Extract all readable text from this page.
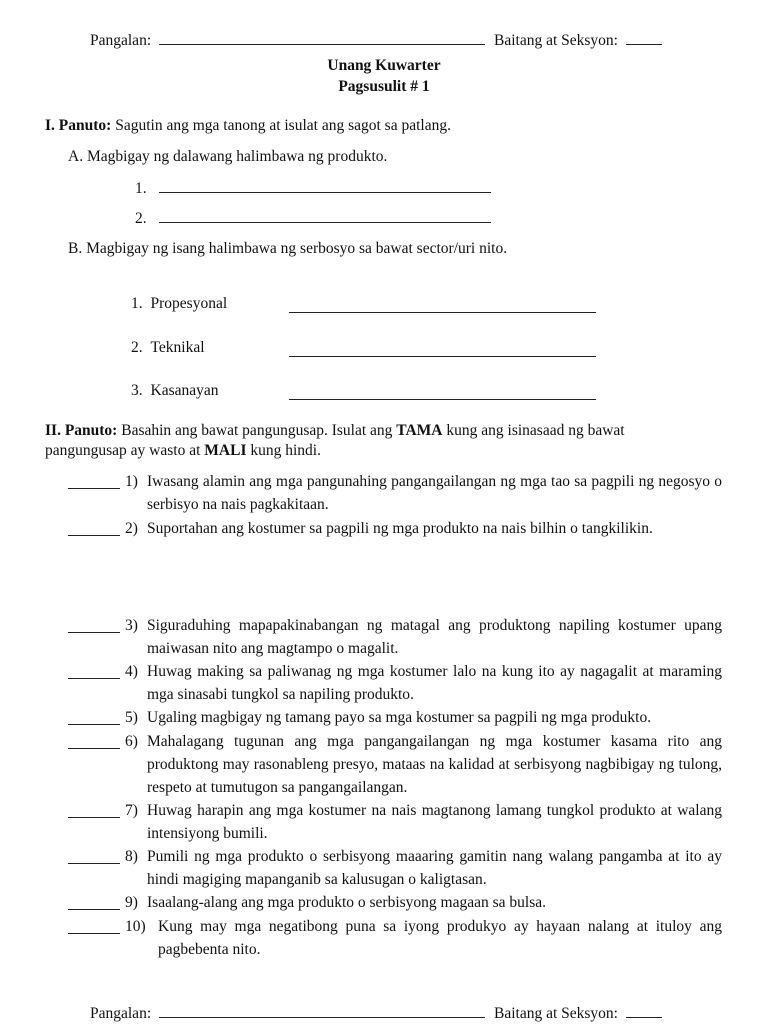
Pangalan:	Baitang at Seksyon:
Unang Kuwarter
Pagsusulit # 1
I. Panuto: Sagutin ang mga tanong at isulat ang sagot sa patlang.
A. Magbigay ng dalawang halimbawa ng produkto.
1.
2.
B. Magbigay ng isang halimbawa ng serbosyo sa bawat sector/uri nito.
1. Propesyonal
2. Teknikal
3. Kasanayan
II. Panuto: Basahin ang bawat pangungusap. Isulat ang TAMA kung ang isinasaad ng bawat
pangungusap ay wasto at MALI kung hindi.
1) Iwasang alamin ang mga pangunahing pangangailangan ng mga tao sa pagpili ng negosyo o serbisyo na nais pagkakitaan.
2) Suportahan ang kostumer sa pagpili ng mga produkto na nais bilhin o tangkilikin.
3) Siguraduhing mapapakinabangan ng matagal ang produktong napiling kostumer upang maiwasan nito ang magtampo o magalit.
4) Huwag making sa paliwanag ng mga kostumer lalo na kung ito ay nagagalit at maraming mga sinasabi tungkol sa napiling produkto.
5) Ugaling magbigay ng tamang payo sa mga kostumer sa pagpili ng mga produkto.
6) Mahalagang tugunan ang mga pangangailangan ng mga kostumer kasama rito ang produktong may rasonableng presyo, mataas na kalidad at serbisyong nagbibigay ng tulong, respeto at tumutugon sa pangangailangan.
7) Huwag harapin ang mga kostumer na nais magtanong lamang tungkol produkto at walang intensiyong bumili.
8) Pumili ng mga produkto o serbisyong maaaring gamitin nang walang pangamba at ito ay hindi magiging mapanganib sa kalusugan o kaligtasan.
9) Isaalang-alang ang mga produkto o serbisyong magaan sa bulsa.
10) Kung may mga negatibong puna sa iyong produkyo ay hayaan nalang at ituloy ang pagbebenta nito.
Pangalan:	Baitang at Seksyon:
